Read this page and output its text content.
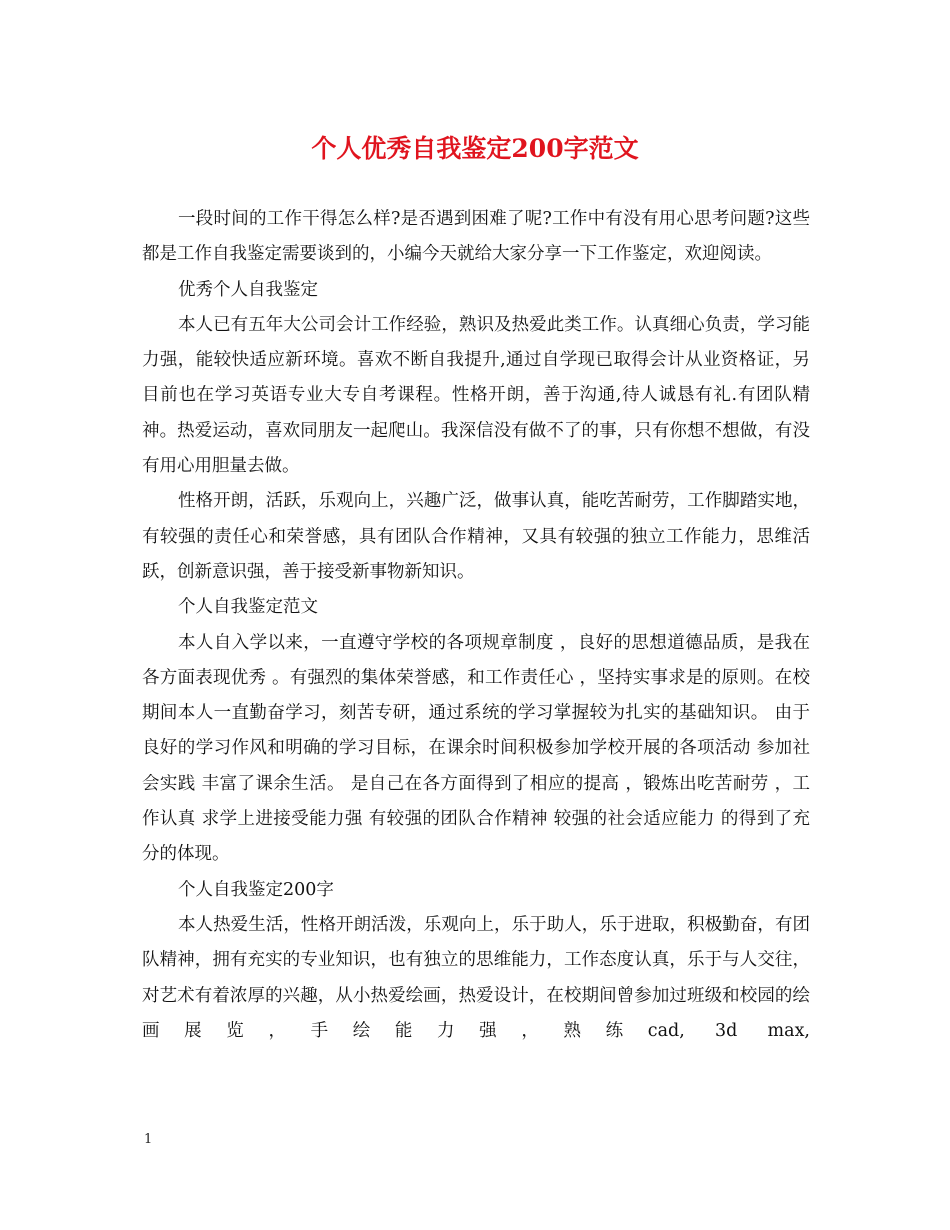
个人优秀自我鉴定200字范文

一段时间的工作干得怎么样?是否遇到困难了呢?工作中有没有用心思考问题?这些都是工作自我鉴定需要谈到的，小编今天就给大家分享一下工作鉴定，欢迎阅读。

优秀个人自我鉴定

本人已有五年大公司会计工作经验，熟识及热爱此类工作。认真细心负责，学习能力强，能较快适应新环境。喜欢不断自我提升,通过自学现已取得会计从业资格证，另目前也在学习英语专业大专自考课程。性格开朗，善于沟通,待人诚恳有礼.有团队精神。热爱运动，喜欢同朋友一起爬山。我深信没有做不了的事，只有你想不想做，有没有用心用胆量去做。

性格开朗，活跃，乐观向上，兴趣广泛，做事认真，能吃苦耐劳，工作脚踏实地，有较强的责任心和荣誉感，具有团队合作精神，又具有较强的独立工作能力，思维活跃，创新意识强，善于接受新事物新知识。

个人自我鉴定范文

本人自入学以来，一直遵守学校的各项规章制度 ，良好的思想道德品质，是我在各方面表现优秀 。有强烈的集体荣誉感，和工作责任心 ，坚持实事求是的原则。在校期间本人一直勤奋学习，刻苦专研，通过系统的学习掌握较为扎实的基础知识。 由于良好的学习作风和明确的学习目标，在课余时间积极参加学校开展的各项活动 参加社会实践 丰富了课余生活。 是自己在各方面得到了相应的提高 ，锻炼出吃苦耐劳 ，工作认真 求学上进接受能力强 有较强的团队合作精神 较强的社会适应能力 的得到了充分的体现。

个人自我鉴定200字

本人热爱生活，性格开朗活泼，乐观向上，乐于助人，乐于进取，积极勤奋，有团队精神，拥有充实的专业知识，也有独立的思维能力，工作态度认真，乐于与人交往，对艺术有着浓厚的兴趣，从小热爱绘画，热爱设计，在校期间曾参加过班级和校园的绘画展览，手绘能力强，熟练cad, 3d max,

1
